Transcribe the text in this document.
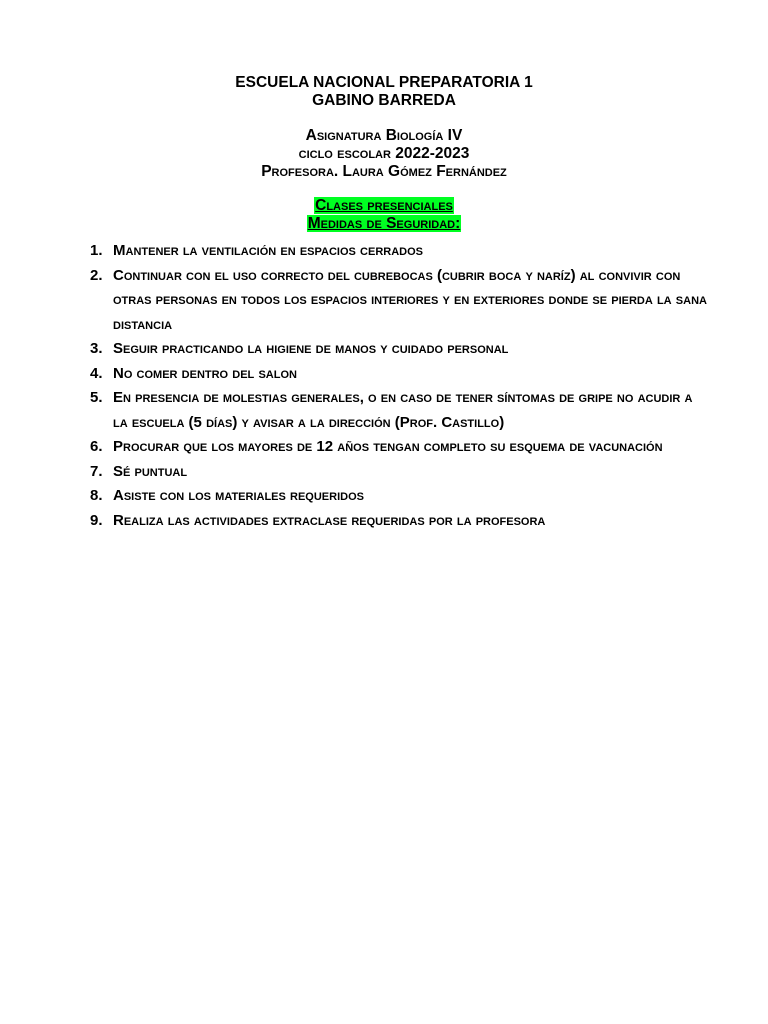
ESCUELA NACIONAL PREPARATORIA 1

GABINO BARREDA

Asignatura Biología IV

ciclo escolar 2022-2023

Profesora. Laura Gómez Fernández

Clases presenciales
Medidas de Seguridad:
1. Mantener la ventilación en espacios cerrados
2. Continuar con el uso correcto del cubrebocas (cubrir boca y naríz) al convivir con otras personas en todos los espacios interiores y en exteriores donde se pierda la sana distancia
3. Seguir practicando la higiene de manos y cuidado personal
4. No comer dentro del salon
5. En presencia de molestias generales, o en caso de tener síntomas de gripe no acudir a la escuela (5 días) y avisar a la dirección (Prof. Castillo)
6. Procurar que los mayores de 12 años tengan completo su esquema de vacunación
7. Sé puntual
8. Asiste con los materiales requeridos
9. Realiza las actividades extraclase requeridas por la profesora
